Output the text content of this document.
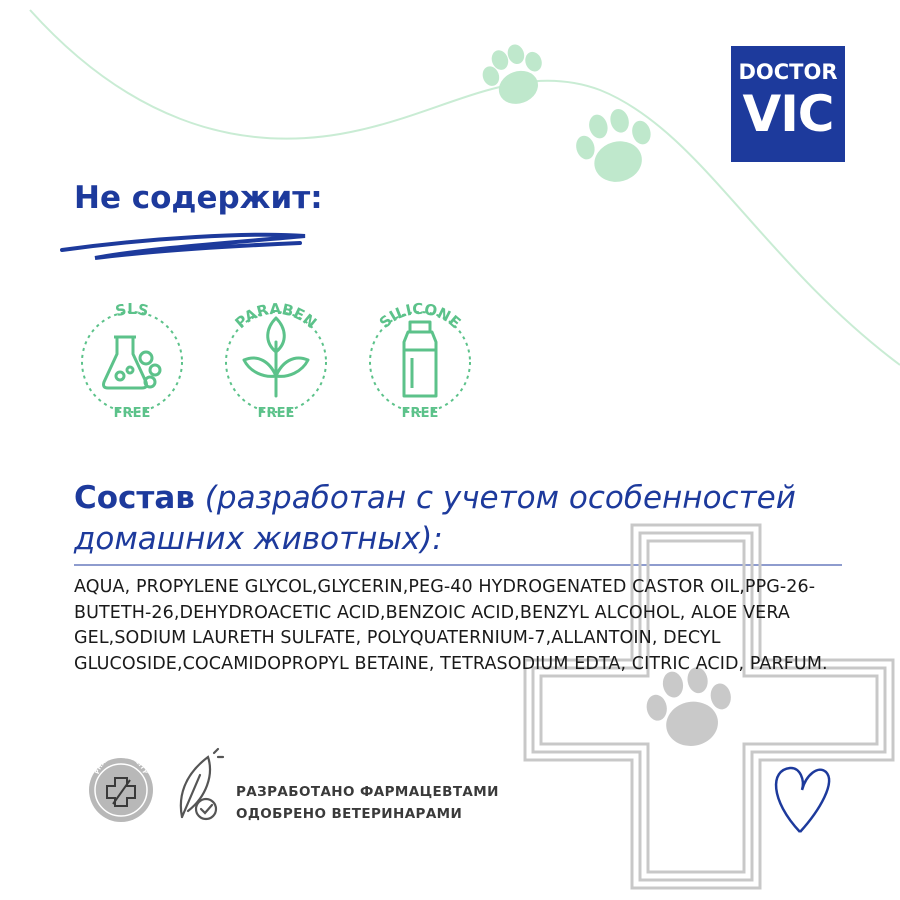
DOCTOR
VIC
Не содержит:
SLS
FREE
PARABEN
FREE
SILICONE
FREE
Состав (разработан с учетом особенностей домашних животных):
AQUA, PROPYLENE GLYCOL,GLYCERIN,PEG-40 HYDROGENATED CASTOR OIL,PPG-26-BUTETH-26,DEHYDROACETIC ACID,BENZOIC ACID,BENZYL ALCOHOL, ALOE VERA GEL,SODIUM LAURETH SULFATE, POLYQUATERNIUM-7,ALLANTOIN, DECYL GLUCOSIDE,COCAMIDOPROPYL BETAINE, TETRASODIUM EDTA, CITRIC ACID, PARFUM.
PHARMA QUALITY
РАЗРАБОТАНО ФАРМАЦЕВТАМИ
ОДОБРЕНО ВЕТЕРИНАРАМИ
